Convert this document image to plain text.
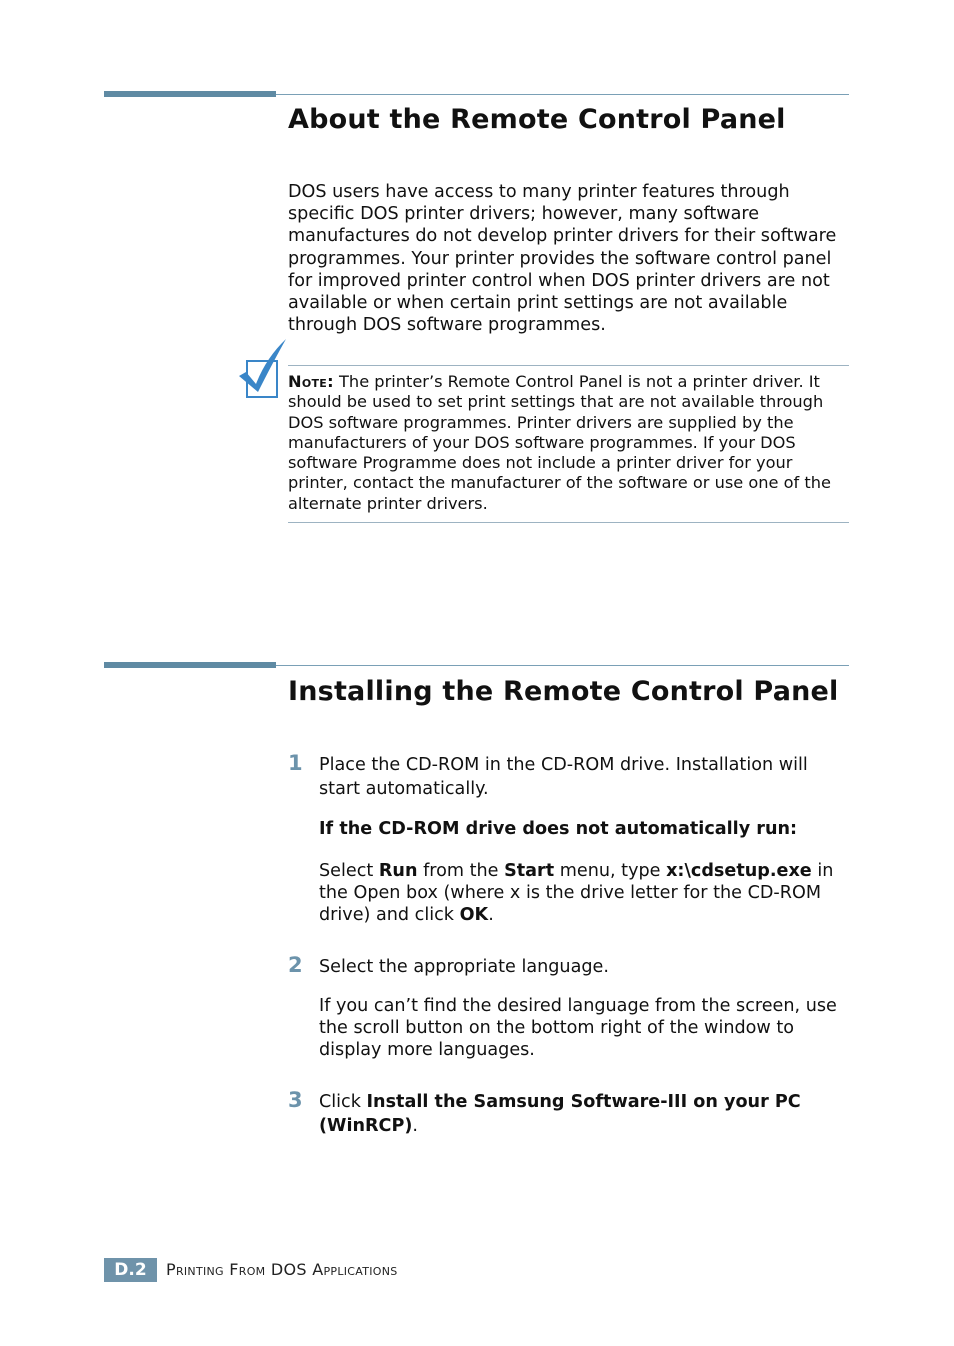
About the Remote Control Panel
DOS users have access to many printer features through specific DOS printer drivers; however, many software manufactures do not develop printer drivers for their software programmes. Your printer provides the software control panel for improved printer control when DOS printer drivers are not available or when certain print settings are not available through DOS software programmes.
Note: The printer’s Remote Control Panel is not a printer driver. It should be used to set print settings that are not available through DOS software programmes. Printer drivers are supplied by the manufacturers of your DOS software programmes. If your DOS software Programme does not include a printer driver for your printer, contact the manufacturer of the software or use one of the alternate printer drivers.
Installing the Remote Control Panel
1 Place the CD-ROM in the CD-ROM drive. Installation will start automatically.
If the CD-ROM drive does not automatically run:
Select Run from the Start menu, type x:\cdsetup.exe in the Open box (where x is the drive letter for the CD-ROM drive) and click OK.
2 Select the appropriate language.
If you can’t find the desired language from the screen, use the scroll button on the bottom right of the window to display more languages.
3 Click Install the Samsung Software-III on your PC (WinRCP).
D.2	Printing From DOS Applications
